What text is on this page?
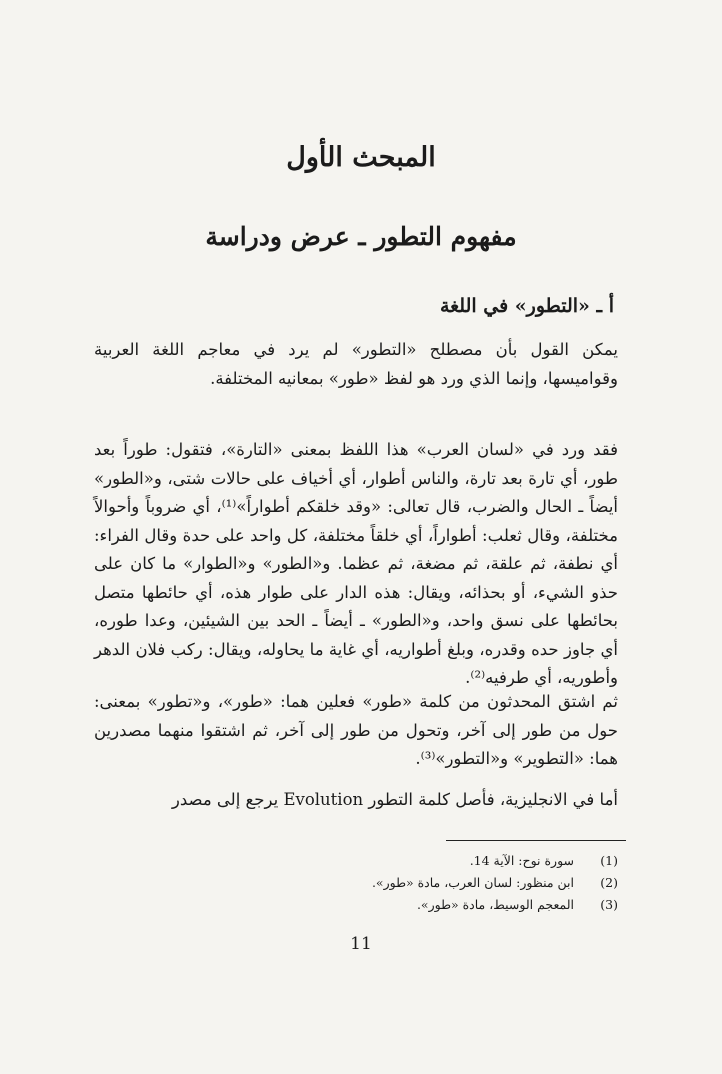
المبحث الأول
مفهوم التطور ـ عرض ودراسة
أ ـ «التطور» في اللغة

يمكن القول بأن مصطلح «التطور» لم يرد في معاجم اللغة العربية وقواميسها، وإنما الذي ورد هو لفظ «طور» بمعانيه المختلفة.

فقد ورد في «لسان العرب» هذا اللفظ بمعنى «التارة»، فتقول: طوراً بعد طور، أي تارة بعد تارة، والناس أطوار، أي أخياف على حالات شتى، و«الطور» أيضاً ـ الحال والضرب، قال تعالى: «وقد خلقكم أطواراً»⁽¹⁾، أي ضروباً وأحوالاً مختلفة، وقال ثعلب: أطواراً، أي خلقاً مختلفة، كل واحد على حدة وقال الفراء: أي نطفة، ثم علقة، ثم مضغة، ثم عظما. و«الطور» و«الطوار» ما كان على حذو الشيء، أو بحذائه، ويقال: هذه الدار على طوار هذه، أي حائطها متصل بحائطها على نسق واحد، و«الطور» ـ أيضاً ـ الحد بين الشيئين، وعدا طوره، أي جاوز حده وقدره، وبلغ أطواريه، أي غاية ما يحاوله، ويقال: ركب فلان الدهر وأطوريه، أي طرفيه⁽²⁾.

ثم اشتق المحدثون من كلمة «طور» فعلين هما: «طور»، و«تطور» بمعنى: حول من طور إلى آخر، وتحول من طور إلى آخر، ثم اشتقوا منهما مصدرين هما: «التطوير» و«التطور»⁽³⁾.

أما في الانجليزية، فأصل كلمة التطور Evolution يرجع إلى مصدر

(1) سورة نوح: الآية 14.
(2) ابن منظور: لسان العرب، مادة «طور».
(3) المعجم الوسيط، مادة «طور».
11
